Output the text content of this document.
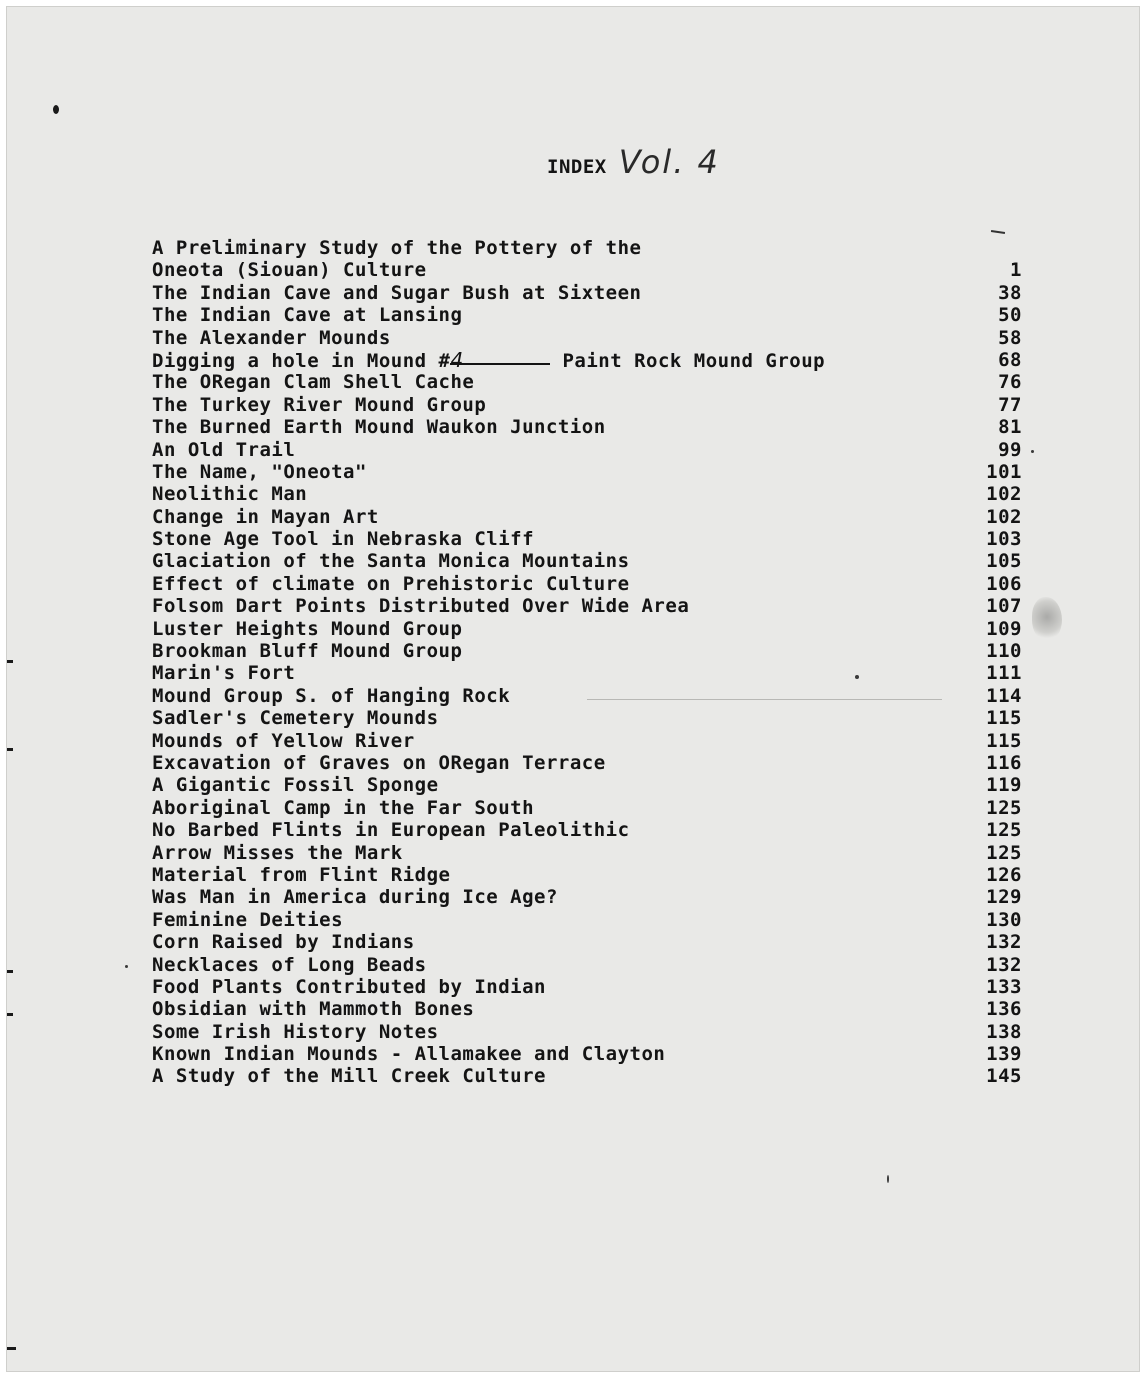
INDEX Vol. 4
A Preliminary Study of the Pottery of the
Oneota (Siouan) Culture	1
The Indian Cave and Sugar Bush at Sixteen	38
The Indian Cave at Lansing	50
The Alexander Mounds	58
Digging a hole in Mound #4	Paint Rock Mound Group	68
The ORegan Clam Shell Cache	76
The Turkey River Mound Group	77
The Burned Earth Mound Waukon Junction	81
An Old Trail	99
The Name, "Oneota"	101
Neolithic Man	102
Change in Mayan Art	102
Stone Age Tool in Nebraska Cliff	103
Glaciation of the Santa Monica Mountains	105
Effect of climate on Prehistoric Culture	106
Folsom Dart Points Distributed Over Wide Area	107
Luster Heights Mound Group	109
Brookman Bluff Mound Group	110
Marin's Fort	111
Mound Group S. of Hanging Rock	114
Sadler's Cemetery Mounds	115
Mounds of Yellow River	115
Excavation of Graves on ORegan Terrace	116
A Gigantic Fossil Sponge	119
Aboriginal Camp in the Far South	125
No Barbed Flints in European Paleolithic	125
Arrow Misses the Mark	125
Material from Flint Ridge	126
Was Man in America during Ice Age?	129
Feminine Deities	130
Corn Raised by Indians	132
Necklaces of Long Beads	132
Food Plants Contributed by Indian	133
Obsidian with Mammoth Bones	136
Some Irish History Notes	138
Known Indian Mounds - Allamakee and Clayton	139
A Study of the Mill Creek Culture	145
